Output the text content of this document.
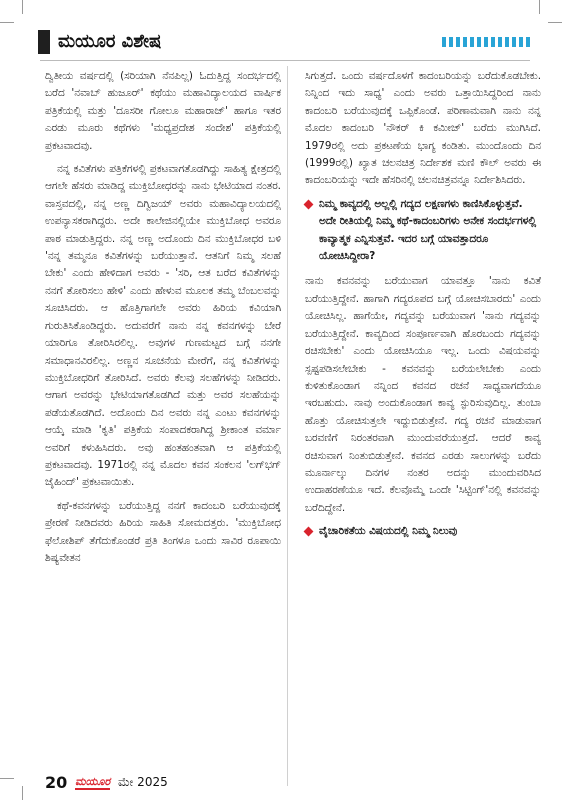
ಮಯೂರ ವಿಶೇಷ

ದ್ವಿತೀಯ ವರ್ಷದಲ್ಲಿ (ಸರಿಯಾಗಿ ನೆನಪಿಲ್ಲ) ಓದುತ್ತಿದ್ದ ಸಂದರ್ಭದಲ್ಲಿ ಬರೆದ 'ನವಾಬ್ ಹುಜೂರ್' ಕಥೆಯು ಮಹಾವಿದ್ಯಾಲಯದ ವಾರ್ಷಿಕ ಪತ್ರಿಕೆಯಲ್ಲಿ ಮತ್ತು 'ದೂಸರೀ ಗೋಲೂ ಮಹಾರಾಜ್' ಹಾಗೂ ಇತರ ಎರಡು ಮೂರು ಕಥೆಗಳು 'ಮಧ್ಯಪ್ರದೇಶ ಸಂದೇಶ' ಪತ್ರಿಕೆಯಲ್ಲಿ ಪ್ರಕಟವಾದವು.

ನನ್ನ ಕವಿತೆಗಳು ಪತ್ರಿಕೆಗಳಲ್ಲಿ ಪ್ರಕಟವಾಗತೊಡಗಿದ್ದು ಸಾಹಿತ್ಯ ಕ್ಷೇತ್ರದಲ್ಲಿ ಆಗಲೇ ಹೆಸರು ಮಾಡಿದ್ದ ಮುಕ್ತಿಬೋಧರನ್ನು ನಾನು ಭೇಟಿಯಾದ ನಂತರ. ವಾಸ್ತವದಲ್ಲಿ, ನನ್ನ ಅಣ್ಣ ದಿಗ್ವಿಜಯ್ ಅವರು ಮಹಾವಿದ್ಯಾಲಯದಲ್ಲಿ ಉಪನ್ಯಾಸಕರಾಗಿದ್ದರು. ಅದೇ ಕಾಲೇಜಿನಲ್ಲಿಯೇ ಮುಕ್ತಿಬೋಧ ಅವರೂ ಪಾಠ ಮಾಡುತ್ತಿದ್ದರು. ನನ್ನ ಅಣ್ಣ ಅದೊಂದು ದಿನ ಮುಕ್ತಿಬೋಧರ ಬಳಿ 'ನನ್ನ ತಮ್ಮನೂ ಕವಿತೆಗಳನ್ನು ಬರೆಯುತ್ತಾನೆ. ಆತನಿಗೆ ನಿಮ್ಮ ಸಲಹೆ ಬೇಕು' ಎಂದು ಹೇಳಿದಾಗ ಅವರು - 'ಸರಿ, ಆತ ಬರೆದ ಕವಿತೆಗಳನ್ನು ನನಗೆ ತೋರಿಸಲು ಹೇಳಿ' ಎಂದು ಹೇಳುವ ಮೂಲಕ ತಮ್ಮ ಬೆಂಬಲವನ್ನು ಸೂಚಿಸಿದರು. ಆ ಹೊತ್ತಿಗಾಗಲೇ ಅವರು ಹಿರಿಯ ಕವಿಯಾಗಿ ಗುರುತಿಸಿಕೊಂಡಿದ್ದರು. ಅದುವರೆಗೆ ನಾನು ನನ್ನ ಕವನಗಳನ್ನು ಬೇರೆ ಯಾರಿಗೂ ತೋರಿಸಿರಲಿಲ್ಲ. ಅವುಗಳ ಗುಣಮಟ್ಟದ ಬಗ್ಗೆ ನನಗೇ ಸಮಾಧಾನವಿರಲಿಲ್ಲ. ಅಣ್ಣನ ಸೂಚನೆಯ ಮೇರೆಗೆ, ನನ್ನ ಕವಿತೆಗಳನ್ನು ಮುಕ್ತಿಬೋಧರಿಗೆ ತೋರಿಸಿದೆ. ಅವರು ಕೆಲವು ಸಲಹೆಗಳನ್ನು ನೀಡಿದರು. ಆಗಾಗ ಅವರನ್ನು ಭೇಟಿಯಾಗತೊಡಗಿದೆ ಮತ್ತು ಅವರ ಸಲಹೆಯನ್ನು ಪಡೆಯತೊಡಗಿದೆ. ಅದೊಂದು ದಿನ ಅವರು ನನ್ನ ಎಂಟು ಕವನಗಳನ್ನು ಆಯ್ಕೆ ಮಾಡಿ 'ಕೃತಿ' ಪತ್ರಿಕೆಯ ಸಂಪಾದಕರಾಗಿದ್ದ ಶ್ರೀಕಾಂತ ವರ್ಮಾ ಅವರಿಗೆ ಕಳುಹಿಸಿದರು. ಅವು ಹಂತಹಂತವಾಗಿ ಆ ಪತ್ರಿಕೆಯಲ್ಲಿ ಪ್ರಕಟವಾದವು. 1971ರಲ್ಲಿ ನನ್ನ ಮೊದಲ ಕವನ ಸಂಕಲನ 'ಲಗ್‌ಭಗ್ ಜೈಹಿಂದ್' ಪ್ರಕಟವಾಯಿತು.

ಕಥೆ-ಕವನಗಳನ್ನು ಬರೆಯುತ್ತಿದ್ದ ನನಗೆ ಕಾದಂಬರಿ ಬರೆಯುವುದಕ್ಕೆ ಪ್ರೇರಣೆ ನೀಡಿದವರು ಹಿರಿಯ ಸಾಹಿತಿ ಸೋಮದತ್ತರು. 'ಮುಕ್ತಿಬೋಧ ಫೆಲೋಶಿಪ್ ತೆಗೆದುಕೊಂಡರೆ ಪ್ರತಿ ತಿಂಗಳೂ ಒಂದು ಸಾವಿರ ರೂಪಾಯಿ ಶಿಷ್ಯವೇತನ

ಸಿಗುತ್ತದೆ. ಒಂದು ವರ್ಷದೊಳಗೆ ಕಾದಂಬರಿಯನ್ನು ಬರೆದುಕೊಡಬೇಕು. ನಿನ್ನಿಂದ ಇದು ಸಾಧ್ಯ' ಎಂದು ಅವರು ಒತ್ತಾಯಿಸಿದ್ದರಿಂದ ನಾನು ಕಾದಂಬರಿ ಬರೆಯುವುದಕ್ಕೆ ಒಪ್ಪಿಕೊಂಡೆ. ಪರಿಣಾಮವಾಗಿ ನಾನು ನನ್ನ ಮೊದಲ ಕಾದಂಬರಿ 'ನೌಕರ್ ಕಿ ಕಮೀಜ್' ಬರೆದು ಮುಗಿಸಿದೆ. 1979ರಲ್ಲಿ ಅದು ಪ್ರಕಟಣೆಯ ಭಾಗ್ಯ ಕಂಡಿತು. ಮುಂದೊಂದು ದಿನ (1999ರಲ್ಲಿ) ಖ್ಯಾತ ಚಲನಚಿತ್ರ ನಿರ್ದೇಶಕ ಮಣಿ ಕೌಲ್ ಅವರು ಈ ಕಾದಂಬರಿಯನ್ನು ಇದೇ ಹೆಸರಿನಲ್ಲಿ ಚಲನಚಿತ್ರವನ್ನೂ ನಿರ್ದೇಶಿಸಿದರು.

ನಿಮ್ಮ ಕಾವ್ಯದಲ್ಲಿ ಅಲ್ಲಲ್ಲಿ ಗದ್ಯದ ಲಕ್ಷಣಗಳು ಕಾಣಿಸಿಕೊಳ್ಳುತ್ತವೆ. ಅದೇ ರೀತಿಯಲ್ಲಿ ನಿಮ್ಮ ಕಥೆ-ಕಾದಂಬರಿಗಳು ಅನೇಕ ಸಂದರ್ಭಗಳಲ್ಲಿ ಕಾವ್ಯಾತ್ಮಕ ಎನ್ನಿಸುತ್ತವೆ. ಇದರ ಬಗ್ಗೆ ಯಾವತ್ತಾದರೂ ಯೋಚಿಸಿದ್ದೀರಾ?

ನಾನು ಕವನವನ್ನು ಬರೆಯುವಾಗ ಯಾವತ್ತೂ 'ನಾನು ಕವಿತೆ ಬರೆಯುತ್ತಿದ್ದೇನೆ. ಹಾಗಾಗಿ ಗದ್ಯರೂಪದ ಬಗ್ಗೆ ಯೋಚಿಸಬಾರದು' ಎಂದು ಯೋಚಿಸಿಲ್ಲ. ಹಾಗೆಯೇ, ಗದ್ಯವನ್ನು ಬರೆಯುವಾಗ 'ನಾನು ಗದ್ಯವನ್ನು ಬರೆಯುತ್ತಿದ್ದೇನೆ. ಕಾವ್ಯದಿಂದ ಸಂಪೂರ್ಣವಾಗಿ ಹೊರಬಂದು ಗದ್ಯವನ್ನು ರಚಿಸಬೇಕು' ಎಂದು ಯೋಚಿಸಿಯೂ ಇಲ್ಲ. ಒಂದು ವಿಷಯವನ್ನು ಸ್ಪಷ್ಟಪಡಿಸಲೇಬೇಕು - ಕವನವನ್ನು ಬರೆಯಲೇಬೇಕು ಎಂದು ಕುಳಿತುಕೊಂಡಾಗ ನನ್ನಿಂದ ಕವನದ ರಚನೆ ಸಾಧ್ಯವಾಗದೆಯೂ ಇರಬಹುದು. ನಾವು ಅಂದುಕೊಂಡಾಗ ಕಾವ್ಯ ಸ್ಫುರಿಸುವುದಿಲ್ಲ. ತುಂಬಾ ಹೊತ್ತು ಯೋಚಿಸುತ್ತಲೇ ಇದ್ದುಬಿಡುತ್ತೇನೆ. ಗದ್ಯ ರಚನೆ ಮಾಡುವಾಗ ಬರವಣಿಗೆ ನಿರಂತರವಾಗಿ ಮುಂದುವರೆಯುತ್ತದೆ. ಆದರೆ ಕಾವ್ಯ ರಚಿಸುವಾಗ ನಿಂತುಬಿಡುತ್ತೇನೆ. ಕವನದ ಎರಡು ಸಾಲುಗಳನ್ನು ಬರೆದು ಮೂರ್ನಾಲ್ಕು ದಿನಗಳ ನಂತರ ಅದನ್ನು ಮುಂದುವರಿಸಿದ ಉದಾಹರಣೆಯೂ ಇದೆ. ಕೆಲವೊಮ್ಮೆ ಒಂದೇ 'ಸಿಟ್ಟಿಂಗ್'ನಲ್ಲಿ ಕವನವನ್ನು ಬರೆದಿದ್ದೇನೆ.

ವೈಚಾರಿಕತೆಯ ವಿಷಯದಲ್ಲಿ ನಿಮ್ಮ ನಿಲುವು
20 ಮಯೂರ ಮೇ 2025
